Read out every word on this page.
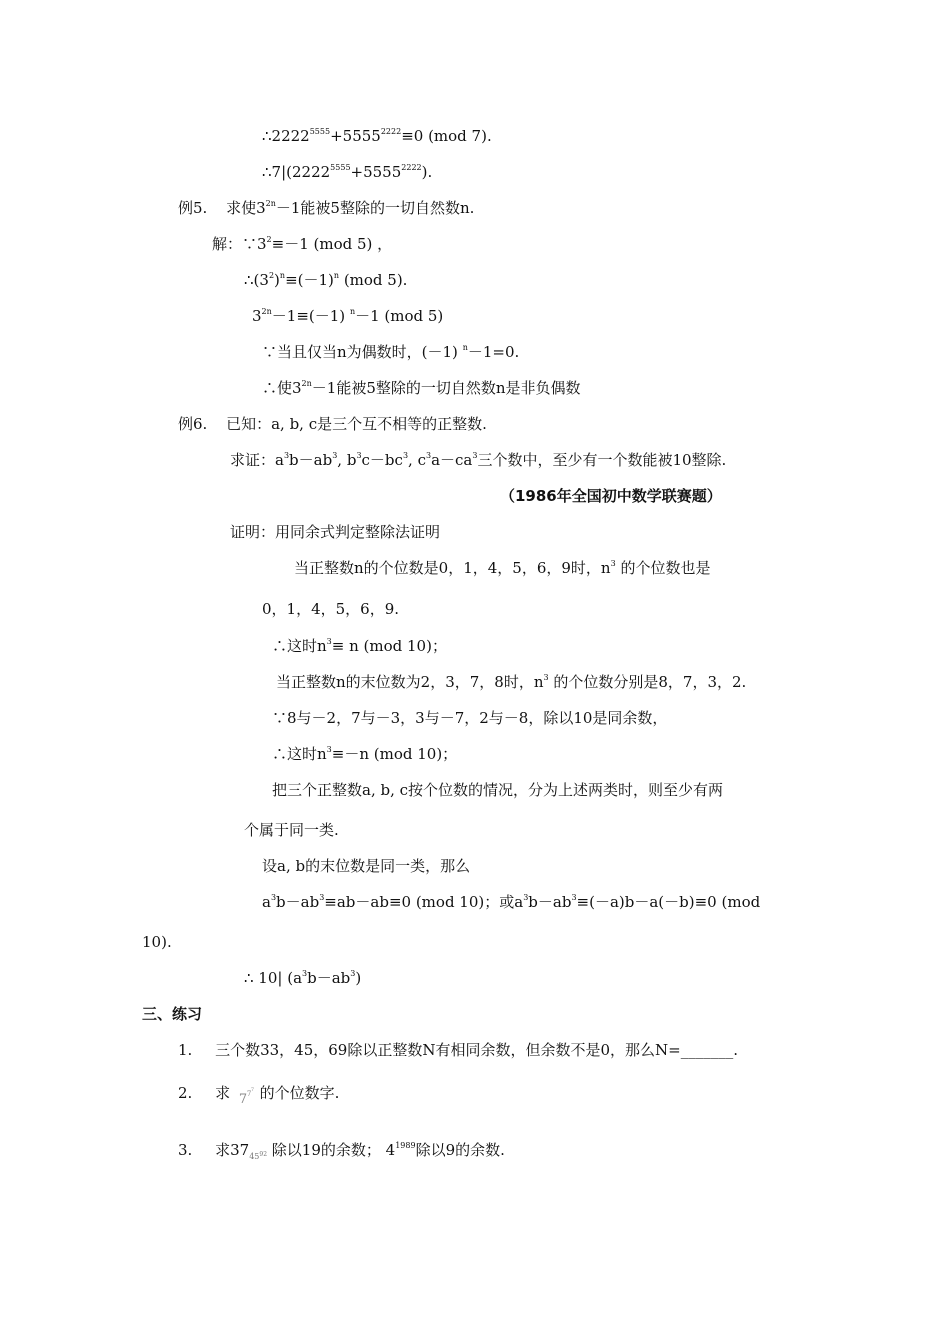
$\therefore 2222^{5555}+5555^{2222}\equiv 0$ (mod 7).
$\therefore 7|(2222^{5555}+5555^{2222})$.
例5. 求使$3^{2n}-1$能被5整除的一切自然数n.
解：$\because 3^2\equiv-1$ (mod 5) ，
$\therefore(3^2)^n\equiv(-1)^n$ (mod 5).
$3^{2n}-1\equiv(-1)$ $^n$－1 (mod 5)
∵当且仅当n为偶数时，(－1) $^n$－1=0.
∴使$3^{2n}-1$能被5整除的一切自然数n是非负偶数
例6. 已知：a, b, c是三个互不相等的正整数.
求证：$a^3b-ab^3$, $b^3c-bc^3$, $c^3a-ca^3$三个数中，至少有一个数能被10整除.
（1986年全国初中数学联赛题）
证明：用同余式判定整除法证明
当正整数n的个位数是0，1，4，5，6，9时，$n^3$ 的个位数也是
0，1，4，5，6，9.
∴这时$n^3\equiv n$ (mod 10)；
当正整数n的末位数为2，3，7，8时，$n^3$ 的个位数分别是8，7，3，2.
∵8与－2，7与－3，3与－7，2与－8，除以10是同余数，
∴这时$n^3\equiv-n$ (mod 10)；
把三个正整数a, b, c按个位数的情况，分为上述两类时，则至少有两
个属于同一类.
设a, b的末位数是同一类，那么
$a^3b-ab^3\equiv ab-ab\equiv 0$ (mod 10)；或$a^3b-ab^3\equiv(-a)b-a(-b)\equiv 0$ (mod
10).
∴ 10| $(a^3b-ab^3)$
三、练习
1. 三个数33，45，69除以正整数N有相同余数，但余数不是0，那么N=_______.
2. 求 7 7 7 的个位数字.
3. 求$37_{45}92$ 除以19的余数； $4^{1989}$除以9的余数.
